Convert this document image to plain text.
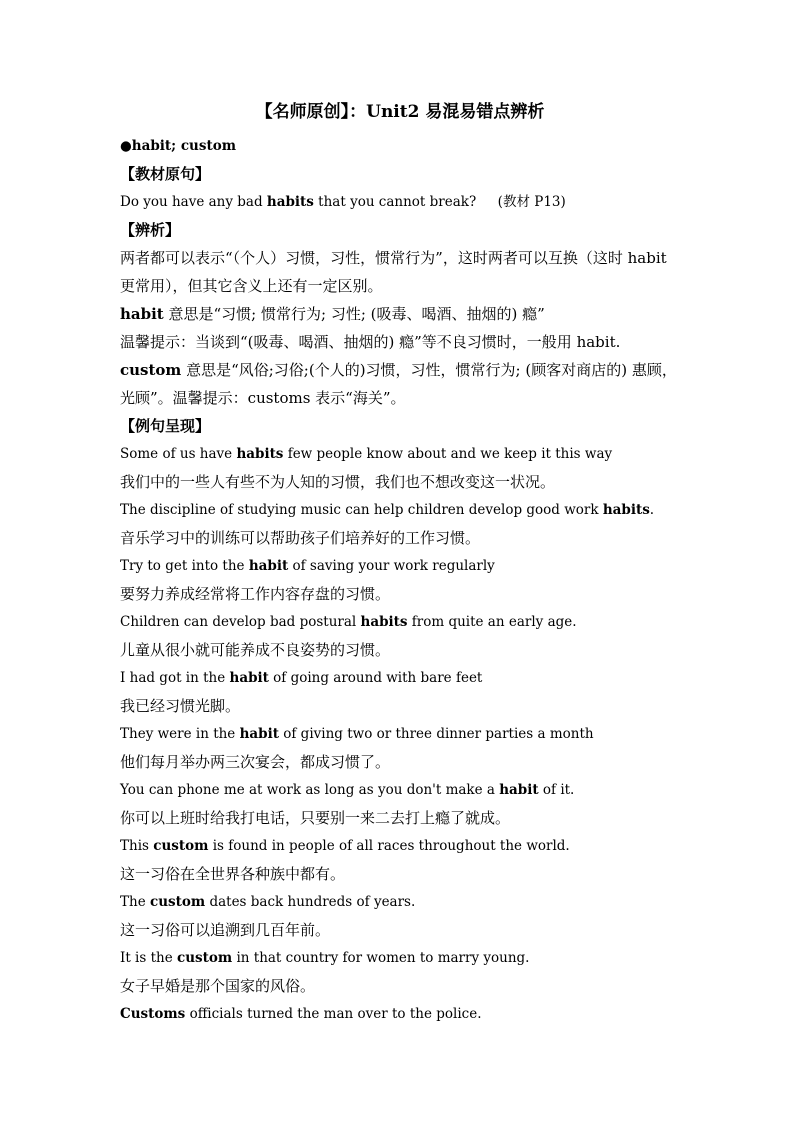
【名师原创】：Unit2 易混易错点辨析
●habit; custom
【教材原句】
Do you have any bad habits that you cannot break? (教材 P13)
【辨析】
两者都可以表示“（个人）习惯，习性，惯常行为”，这时两者可以互换（这时 habit 更常用），但其它含义上还有一定区别。
habit 意思是“习惯; 惯常行为; 习性; (吸毒、喝酒、抽烟的) 瘾”
温馨提示：当谈到“(吸毒、喝酒、抽烟的) 瘾”等不良习惯时，一般用 habit.
custom 意思是“风俗;习俗;(个人的)习惯，习性，惯常行为; (顾客对商店的) 惠顾，光顾”。温馨提示：customs 表示“海关”。
【例句呈现】
Some of us have habits few people know about and we keep it this way
我们中的一些人有些不为人知的习惯，我们也不想改变这一状况。
The discipline of studying music can help children develop good work habits.
音乐学习中的训练可以帮助孩子们培养好的工作习惯。
Try to get into the habit of saving your work regularly
要努力养成经常将工作内容存盘的习惯。
Children can develop bad postural habits from quite an early age.
儿童从很小就可能养成不良姿势的习惯。
I had got in the habit of going around with bare feet
我已经习惯光脚。
They were in the habit of giving two or three dinner parties a month
他们每月举办两三次宴会，都成习惯了。
You can phone me at work as long as you don't make a habit of it.
你可以上班时给我打电话，只要别一来二去打上瘾了就成。
This custom is found in people of all races throughout the world.
这一习俗在全世界各种族中都有。
The custom dates back hundreds of years.
这一习俗可以追溯到几百年前。
It is the custom in that country for women to marry young.
女子早婚是那个国家的风俗。
Customs officials turned the man over to the police.
